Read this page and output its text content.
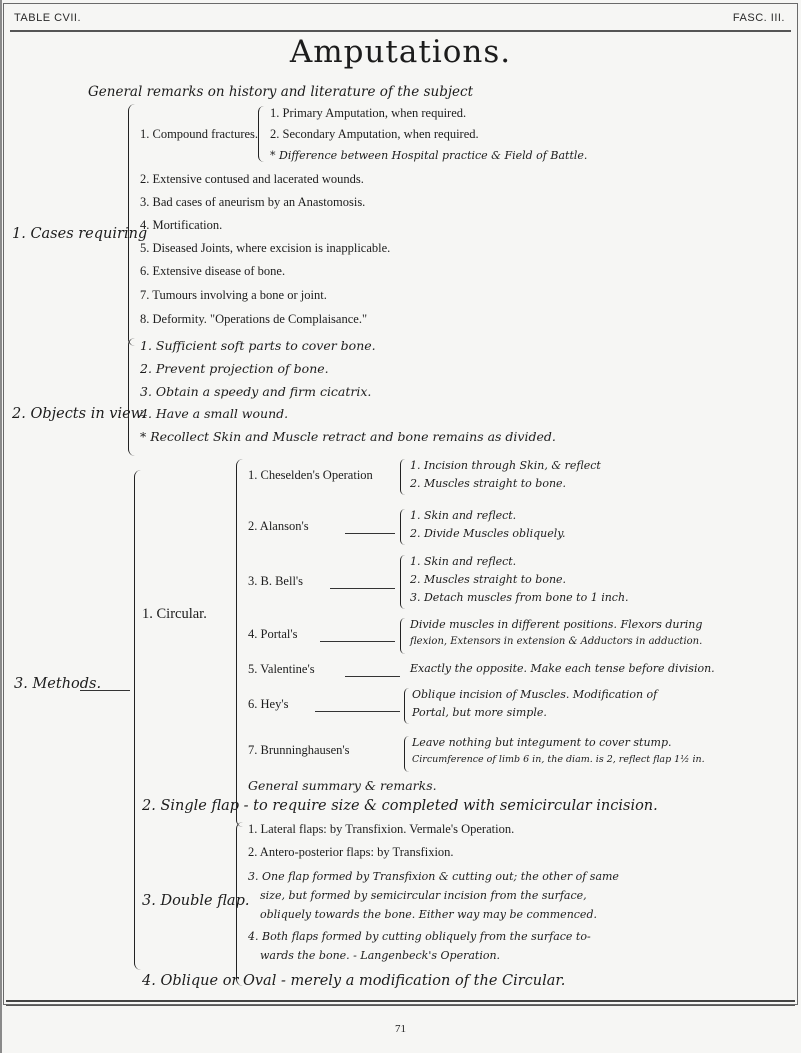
TABLE CVII.	FASC. III.
Amputations.
General remarks on history and literature of the subject
1. Cases requiring
1. Compound fractures.
1. Primary Amputation, when required.
2. Secondary Amputation, when required.
* Difference between Hospital practice & Field of Battle.
2. Extensive contused and lacerated wounds.
3. Bad cases of aneurism by an Anastomosis.
4. Mortification.
5. Diseased Joints, where excision is inapplicable.
6. Extensive disease of bone.
7. Tumours involving a bone or joint.
8. Deformity. "Operations de Complaisance."
2. Objects in view.
1. Sufficient soft parts to cover bone.
2. Prevent projection of bone.
3. Obtain a speedy and firm cicatrix.
4. Have a small wound.
* Recollect Skin and Muscle retract and bone remains as divided.
3. Methods.
1. Circular.
1. Cheselden's Operation
1. Incision through Skin, & reflect
2. Muscles straight to bone.
2. Alanson's
1. Skin and reflect.
2. Divide Muscles obliquely.
3. B. Bell's
1. Skin and reflect.
2. Muscles straight to bone.
3. Detach muscles from bone to 1 inch.
4. Portal's
Divide muscles in different positions. Flexors during
flexion, Extensors in extension & Adductors in adduction.
5. Valentine's	Exactly the opposite. Make each tense before division.
6. Hey's
Oblique incision of Muscles. Modification of
Portal, but more simple.
7. Brunninghausen's
Leave nothing but integument to cover stump.
Circumference of limb 6 in, the diam. is 2, reflect flap 1½ in.
General summary & remarks.
2. Single flap - to require size & completed with semicircular incision.
3. Double flap.
1. Lateral flaps: by Transfixion. Vermale's Operation.
2. Antero-posterior flaps: by Transfixion.
3. One flap formed by Transfixion & cutting out; the other of same
size, but formed by semicircular incision from the surface,
obliquely towards the bone. Either way may be commenced.
4. Both flaps formed by cutting obliquely from the surface to-
wards the bone. - Langenbeck's Operation.
4. Oblique or Oval - merely a modification of the Circular.
71
